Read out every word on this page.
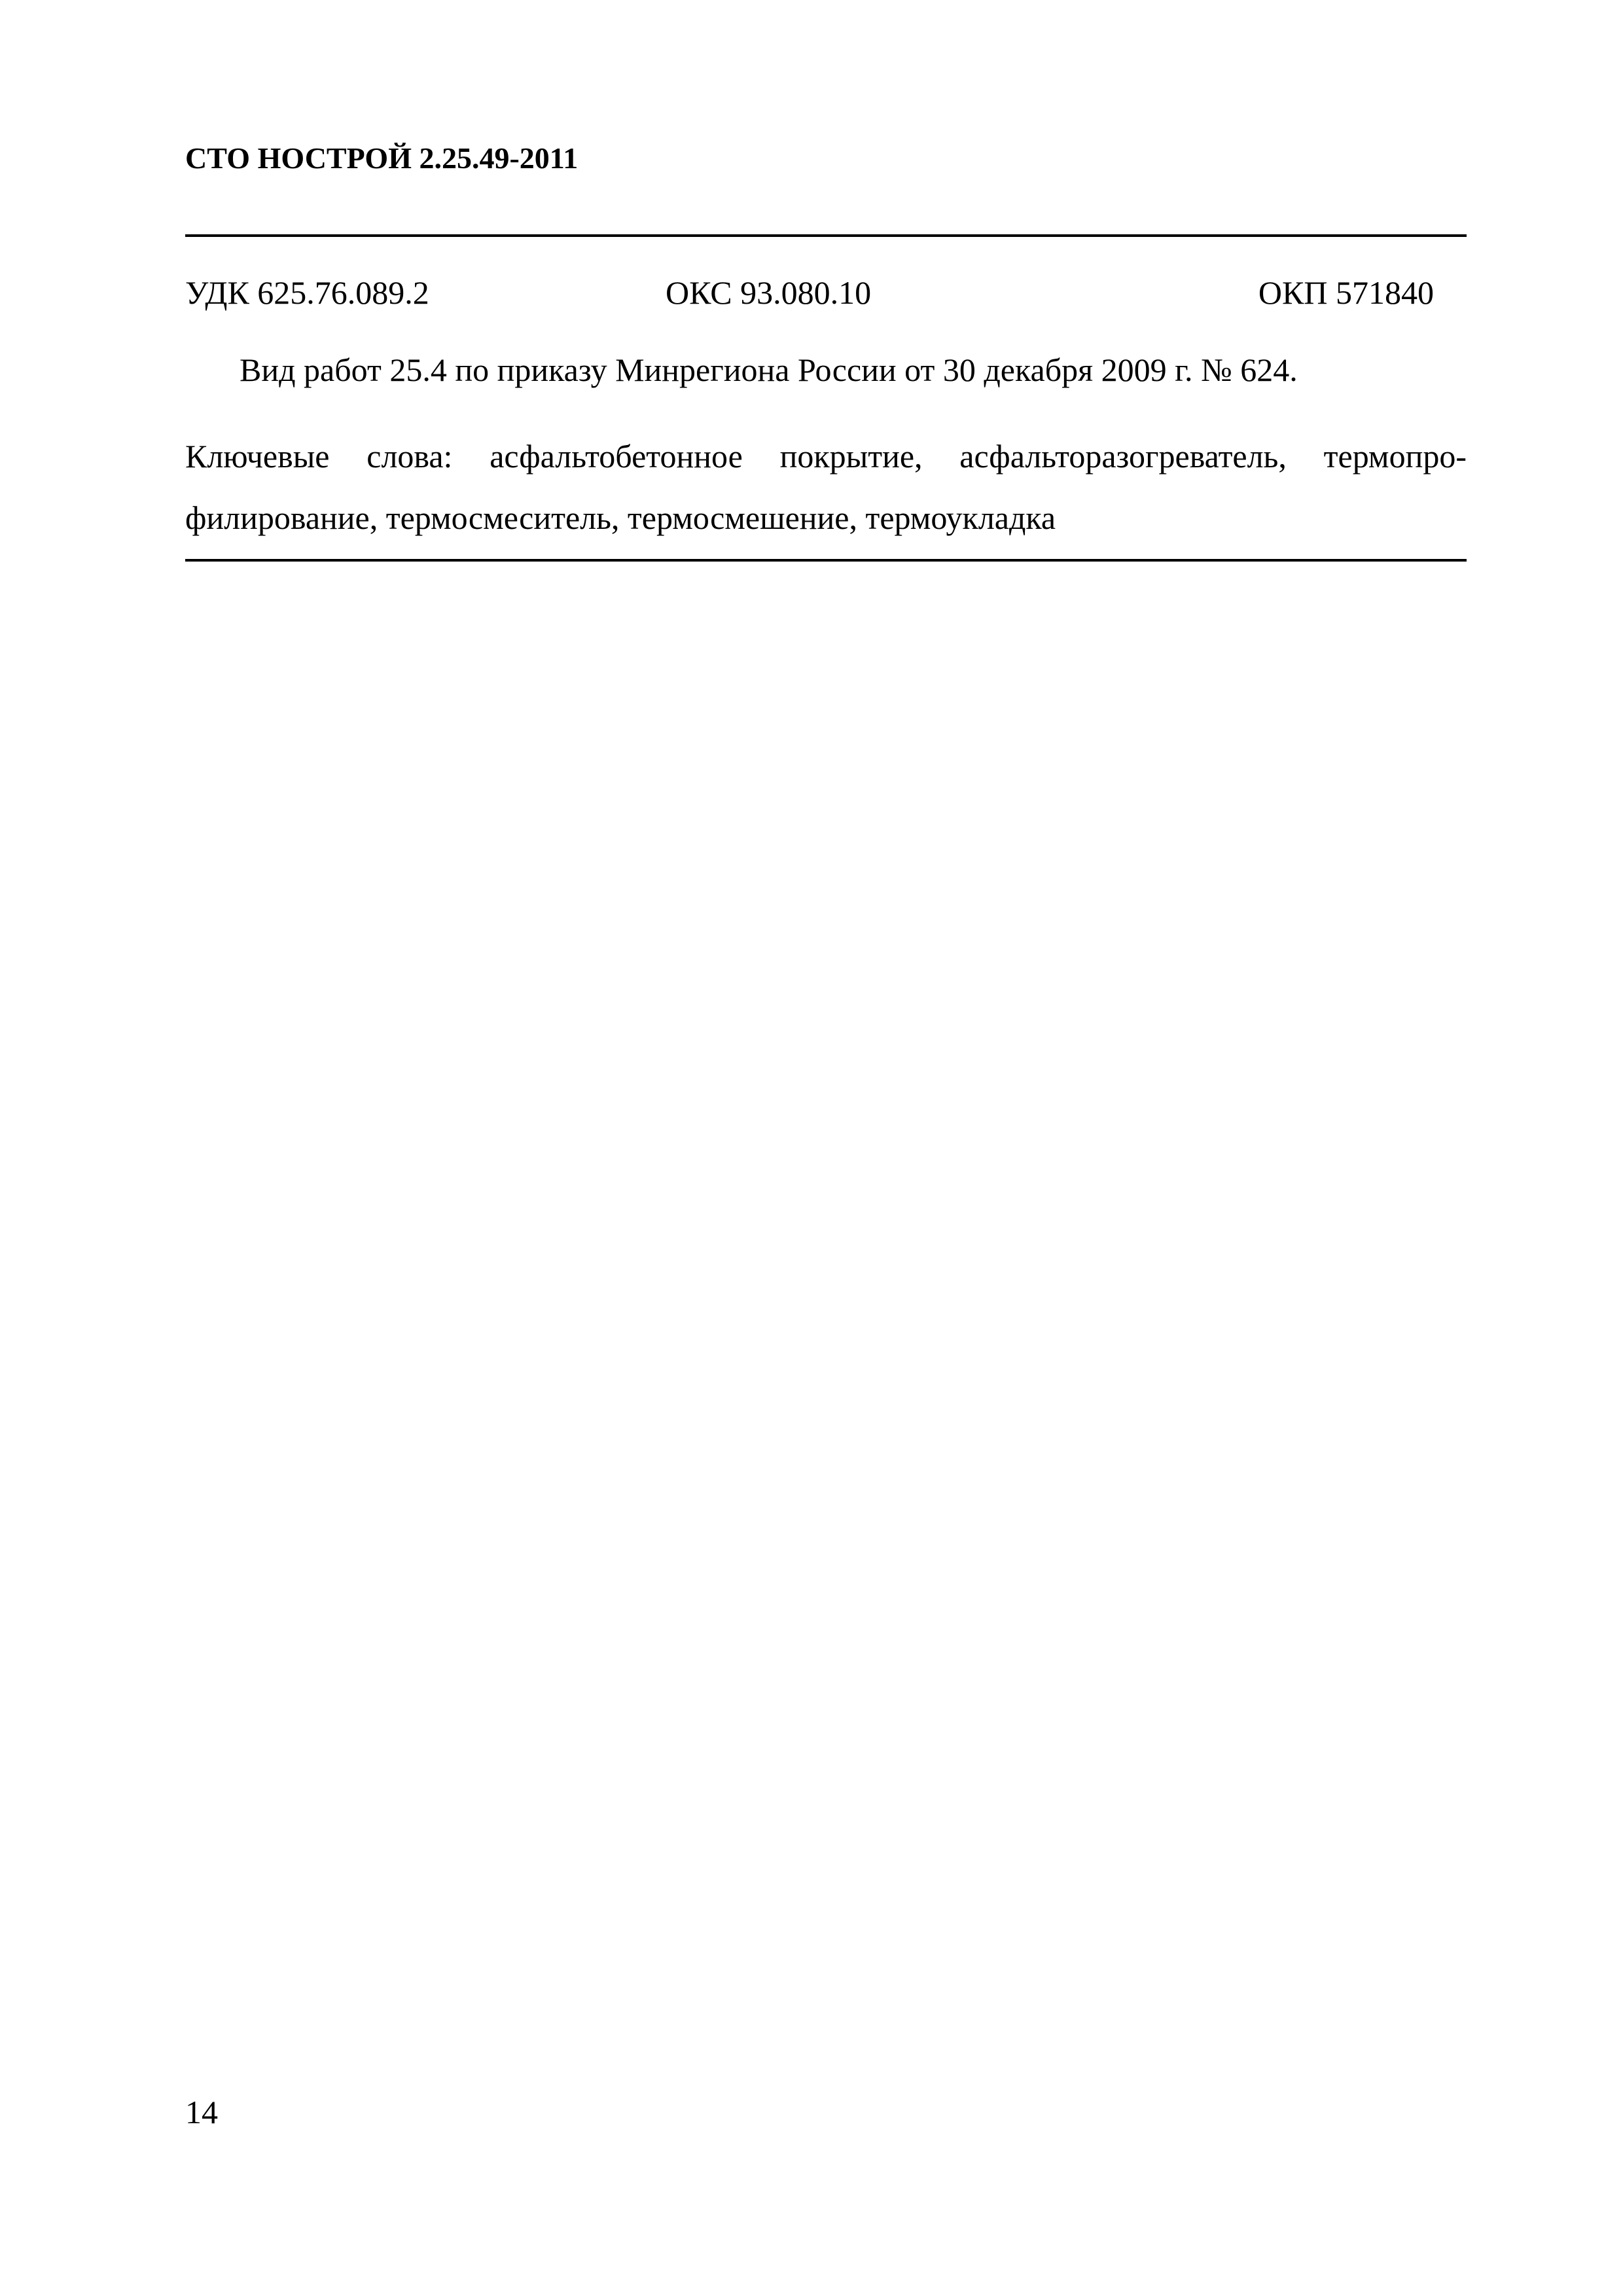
СТО НОСТРОЙ 2.25.49-2011
УДК 625.76.089.2	ОКС 93.080.10	ОКП 571840
Вид работ 25.4 по приказу Минрегиона России от 30 декабря 2009 г. № 624.
Ключевые слова: асфальтобетонное покрытие, асфальторазогреватель, термопро-
филирование, термосмеситель, термосмешение, термоукладка
14
